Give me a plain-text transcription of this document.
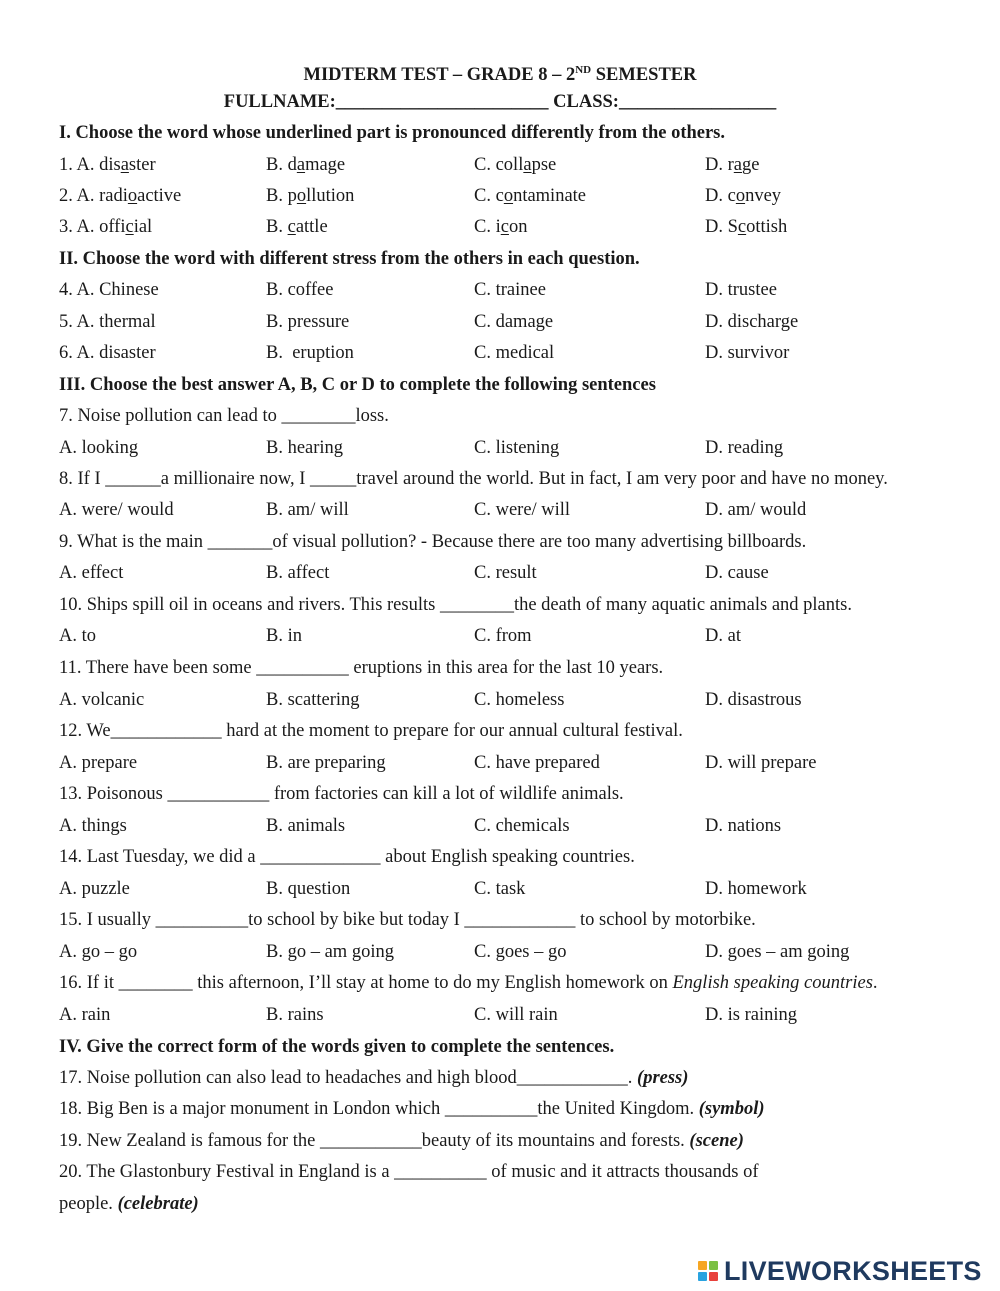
MIDTERM TEST – GRADE 8 – 2ND SEMESTER
FULLNAME:_______________________ CLASS:_________________
I. Choose the word whose underlined part is pronounced differently from the others.
1. A. disaster	B. damage	C. collapse	D. rage
2. A. radioactive	B. pollution	C. contaminate	D. convey
3. A. official	B. cattle	C. icon	D. Scottish
II. Choose the word with different stress from the others in each question.
4. A. Chinese	B. coffee	C. trainee	D. trustee
5. A. thermal	B. pressure	C. damage	D. discharge
6. A. disaster	B.  eruption	C. medical	D. survivor
III. Choose the best answer A, B, C or D to complete the following sentences
7. Noise pollution can lead to ________loss.
A. looking	B. hearing	C. listening	D. reading
8. If I ______a millionaire now, I _____travel around the world. But in fact, I am very poor and have no money.
A. were/ would	B. am/ will	C. were/ will	D. am/ would
9. What is the main _______of visual pollution? - Because there are too many advertising billboards.
A. effect	B. affect	C. result	D. cause
10. Ships spill oil in oceans and rivers. This results ________the death of many aquatic animals and plants.
A. to	B. in	C. from	D. at
11. There have been some __________ eruptions in this area for the last 10 years.
A. volcanic	B. scattering	C. homeless	D. disastrous
12. We____________ hard at the moment to prepare for our annual cultural festival.
A. prepare	B. are preparing	C. have prepared	D. will prepare
13. Poisonous ___________ from factories can kill a lot of wildlife animals.
A. things	B. animals	C. chemicals	D. nations
14. Last Tuesday, we did a _____________ about English speaking countries.
A. puzzle	B. question	C. task	D. homework
15. I usually __________to school by bike but today I ____________ to school by motorbike.
A. go – go	B. go – am going	C. goes – go	D. goes – am going
16. If it ________ this afternoon, I’ll stay at home to do my English homework on English speaking countries.
A. rain	B. rains	C. will rain	D. is raining
IV. Give the correct form of the words given to complete the sentences.
17. Noise pollution can also lead to headaches and high blood____________. (press)
18. Big Ben is a major monument in London which __________the United Kingdom. (symbol)
19. New Zealand is famous for the ___________beauty of its mountains and forests. (scene)
20. The Glastonbury Festival in England is a __________ of music and it attracts thousands of
people. (celebrate)
LIVEWORKSHEETS
